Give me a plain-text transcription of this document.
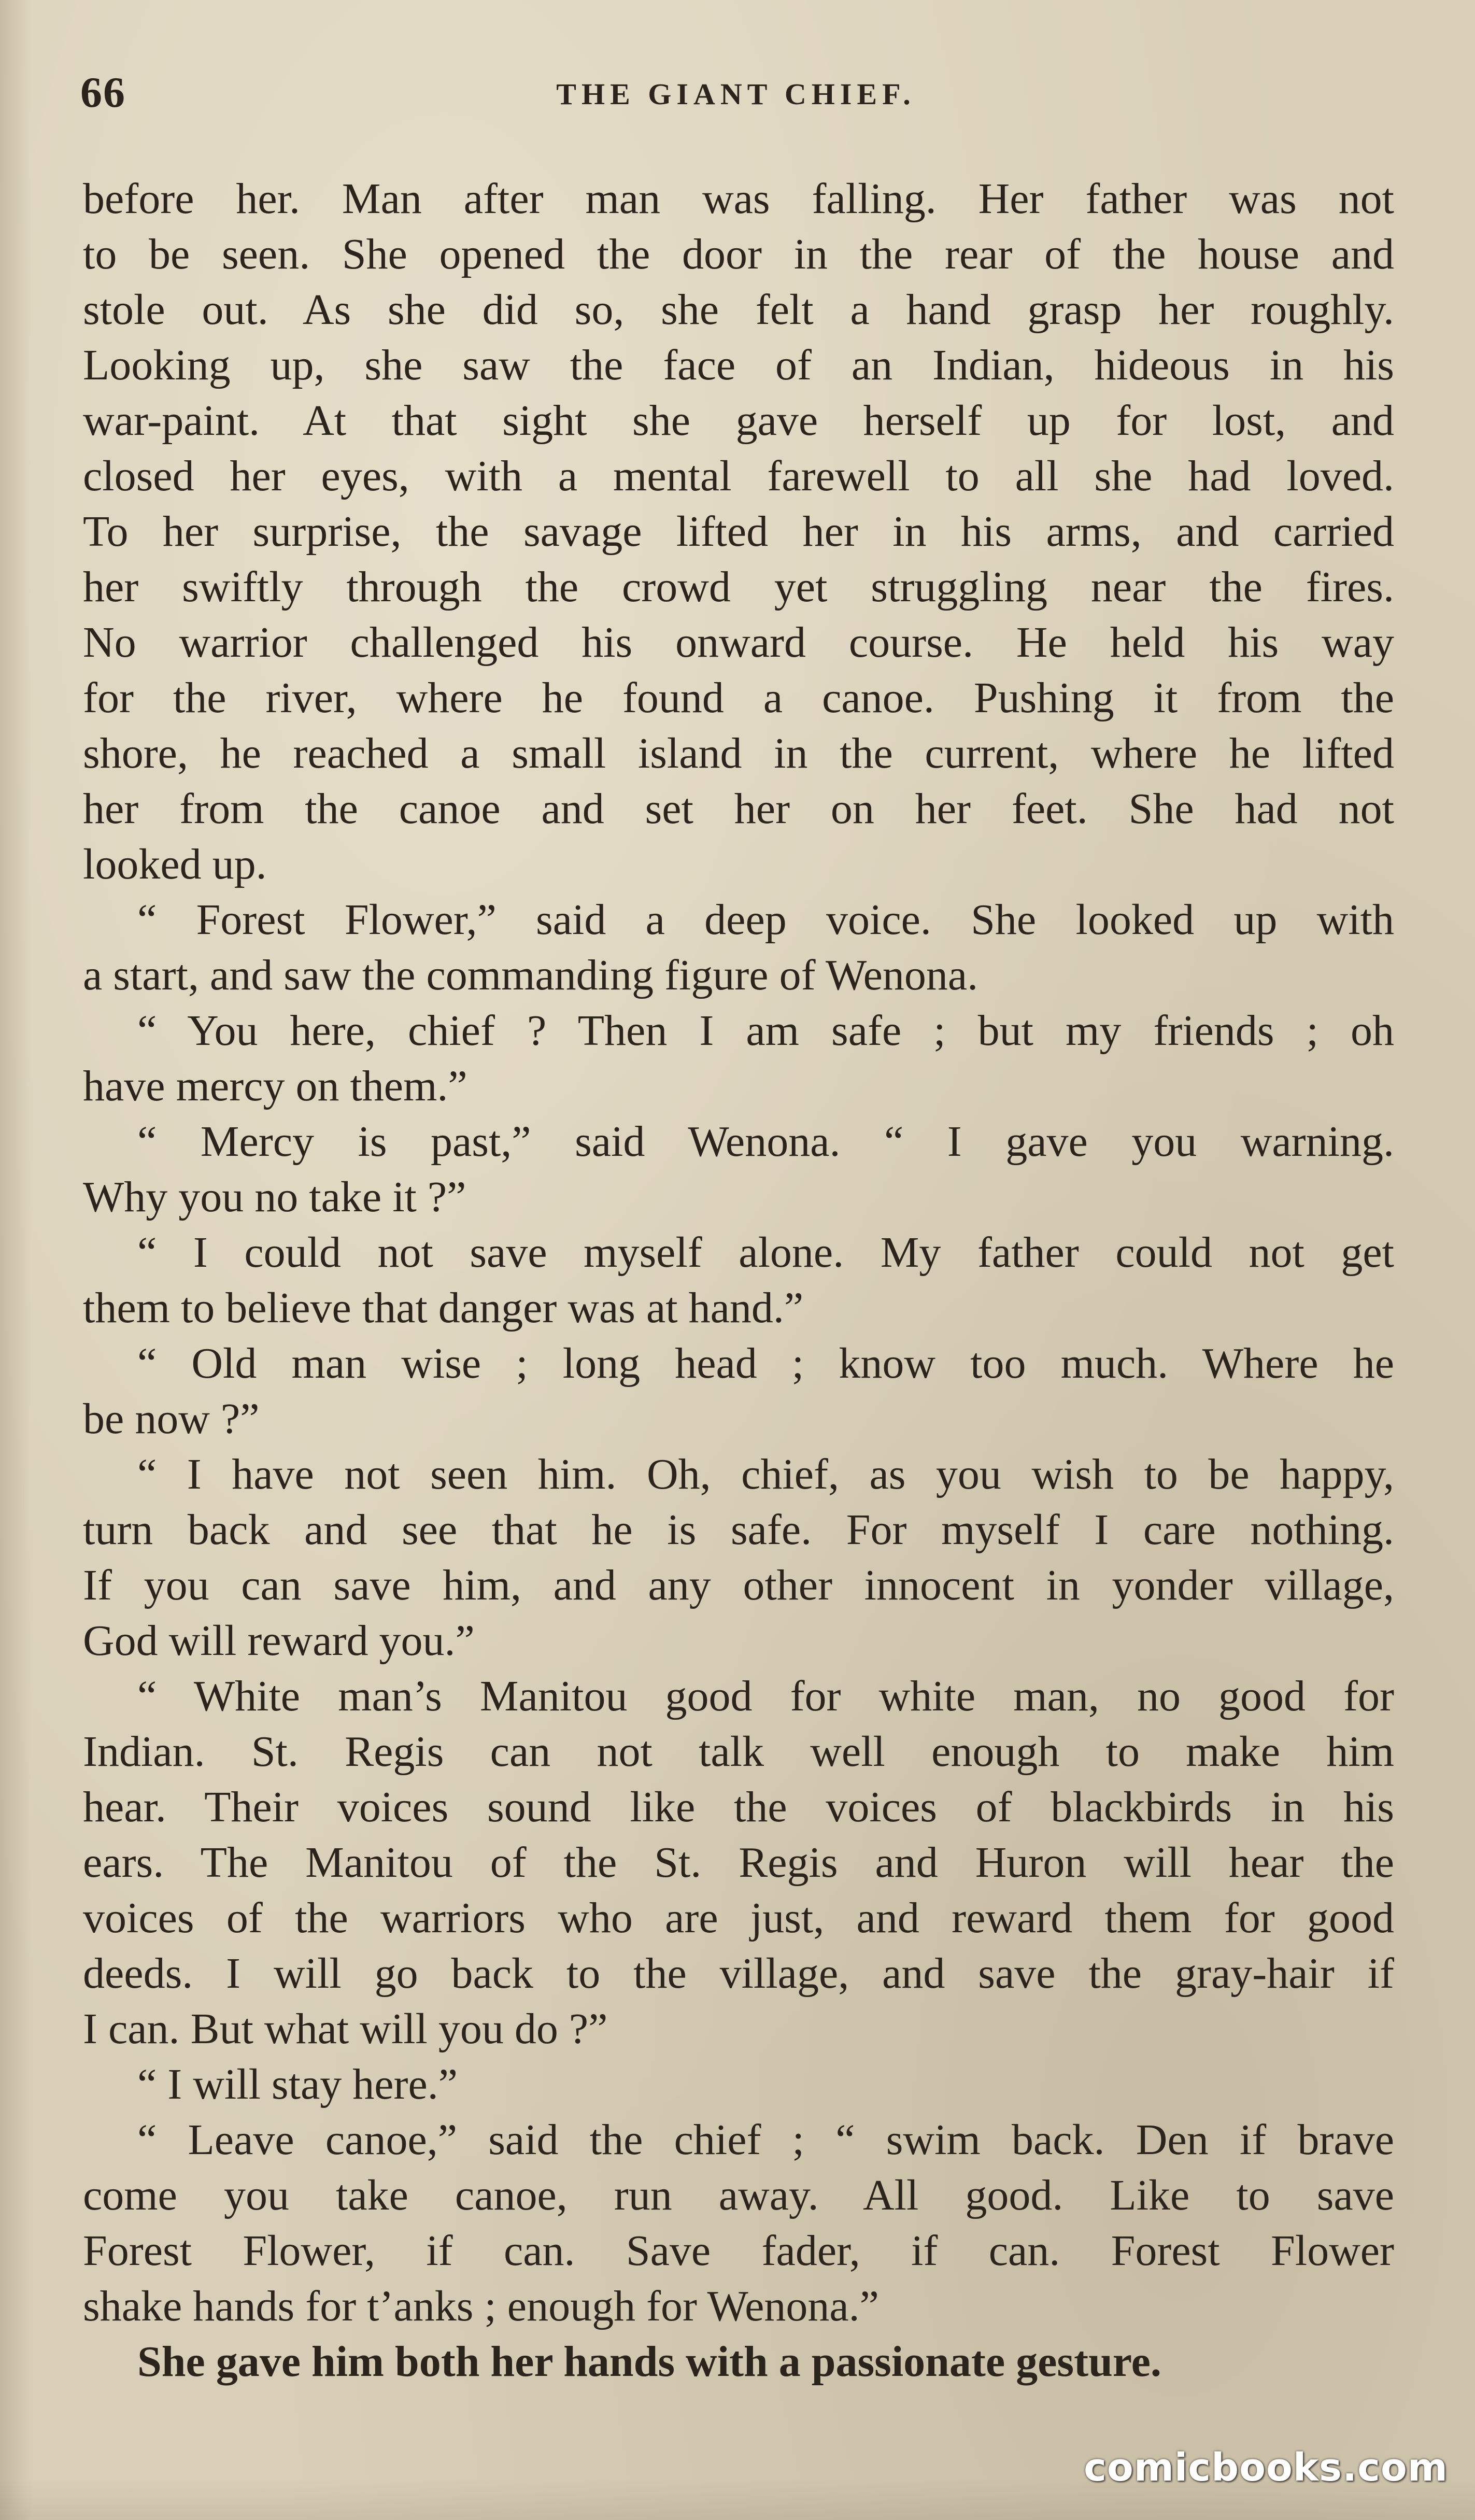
66	THE GIANT CHIEF.
before her. Man after man was falling. Her father was not
to be seen. She opened the door in the rear of the house and
stole out. As she did so, she felt a hand grasp her roughly.
Looking up, she saw the face of an Indian, hideous in his
war-paint. At that sight she gave herself up for lost, and
closed her eyes, with a mental farewell to all she had loved.
To her surprise, the savage lifted her in his arms, and carried
her swiftly through the crowd yet struggling near the fires.
No warrior challenged his onward course. He held his way
for the river, where he found a canoe. Pushing it from the
shore, he reached a small island in the current, where he lifted
her from the canoe and set her on her feet. She had not
looked up.
“ Forest Flower,” said a deep voice. She looked up with
a start, and saw the commanding figure of Wenona.
“ You here, chief ? Then I am safe ; but my friends ; oh
have mercy on them.”
“ Mercy is past,” said Wenona. “ I gave you warning.
Why you no take it ?”
“ I could not save myself alone. My father could not get
them to believe that danger was at hand.”
“ Old man wise ; long head ; know too much. Where he
be now ?”
“ I have not seen him. Oh, chief, as you wish to be happy,
turn back and see that he is safe. For myself I care nothing.
If you can save him, and any other innocent in yonder village,
God will reward you.”
“ White man’s Manitou good for white man, no good for
Indian. St. Regis can not talk well enough to make him
hear. Their voices sound like the voices of blackbirds in his
ears. The Manitou of the St. Regis and Huron will hear the
voices of the warriors who are just, and reward them for good
deeds. I will go back to the village, and save the gray-hair if
I can. But what will you do ?”
“ I will stay here.”
“ Leave canoe,” said the chief ; “ swim back. Den if brave
come you take canoe, run away. All good. Like to save
Forest Flower, if can. Save fader, if can. Forest Flower
shake hands for t’anks ; enough for Wenona.”
She gave him both her hands with a passionate gesture.
comicbooks.com
